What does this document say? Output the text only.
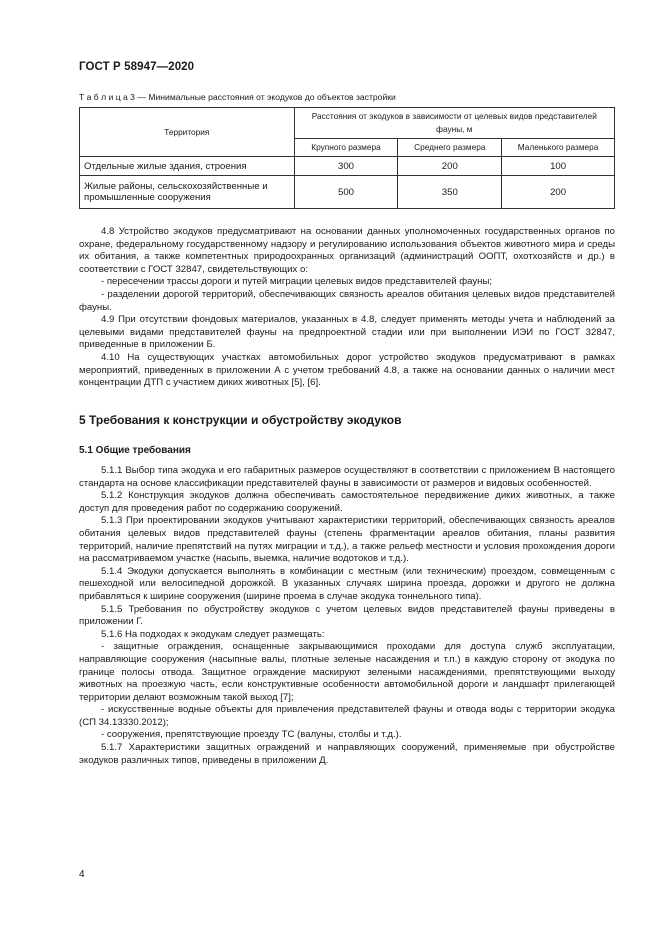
ГОСТ Р 58947—2020
Т а б л и ц а 3 — Минимальные расстояния от экодуков до объектов застройки
Территория	Расстояния от экодуков в зависимости от целевых видов представителей фауны, м		
	Крупного размера	Среднего размера	Маленького размера
Отдельные жилые здания, строения	300	200	100
Жилые районы, сельскохозяйственные и промышленные сооружения	500	350	200

4.8 Устройство экодуков предусматривают на основании данных уполномоченных государственных органов по охране, федеральному государственному надзору и регулированию использования объектов животного мира и среды их обитания, а также компетентных природоохранных организаций (администраций ООПТ, охотхозяйств и др.) в соответствии с ГОСТ 32847, свидетельствующих о:

- пересечении трассы дороги и путей миграции целевых видов представителей фауны;

- разделении дорогой территорий, обеспечивающих связность ареалов обитания целевых видов представителей фауны.

4.9 При отсутствии фондовых материалов, указанных в 4.8, следует применять методы учета и наблюдений за целевыми видами представителей фауны на предпроектной стадии или при выполнении ИЭИ по ГОСТ 32847, приведенные в приложении Б.

4.10 На существующих участках автомобильных дорог устройство экодуков предусматривают в рамках мероприятий, приведенных в приложении А с учетом требований 4.8, а также на основании данных о наличии мест концентрации ДТП с участием диких животных [5], [6].

5 Требования к конструкции и обустройству экодуков
5.1 Общие требования

5.1.1 Выбор типа экодука и его габаритных размеров осуществляют в соответствии с приложением В настоящего стандарта на основе классификации представителей фауны в зависимости от размеров и видовых особенностей.

5.1.2 Конструкция экодуков должна обеспечивать самостоятельное передвижение диких животных, а также доступ для проведения работ по содержанию сооружений.

5.1.3 При проектировании экодуков учитывают характеристики территорий, обеспечивающих связность ареалов обитания целевых видов представителей фауны (степень фрагментации ареалов обитания, планы развития территорий, наличие препятствий на путях миграции и т.д.), а также рельеф местности и условия прохождения дороги на рассматриваемом участке (насыпь, выемка, наличие водотоков и т.д.).

5.1.4 Экодуки допускается выполнять в комбинации с местным (или техническим) проездом, совмещенным с пешеходной или велосипедной дорожкой. В указанных случаях ширина проезда, дорожки и другого не должна прибавляться к ширине сооружения (ширине проема в случае экодука тоннельного типа).

5.1.5 Требования по обустройству экодуков с учетом целевых видов представителей фауны приведены в приложении Г.

5.1.6 На подходах к экодукам следует размещать:

- защитные ограждения, оснащенные закрывающимися проходами для доступа служб эксплуатации, направляющие сооружения (насыпные валы, плотные зеленые насаждения и т.п.) в каждую сторону от экодука по границе полосы отвода. Защитное ограждение маскируют зелеными насаждениями, препятствующими выходу животных на проезжую часть, если конструктивные особенности автомобильной дороги и ландшафт прилегающей территории делают возможным такой выход [7];

- искусственные водные объекты для привлечения представителей фауны и отвода воды с территории экодука (СП 34.13330.2012);

- сооружения, препятствующие проезду ТС (валуны, столбы и т.д.).

5.1.7 Характеристики защитных ограждений и направляющих сооружений, применяемые при обустройстве экодуков различных типов, приведены в приложении Д.

4
